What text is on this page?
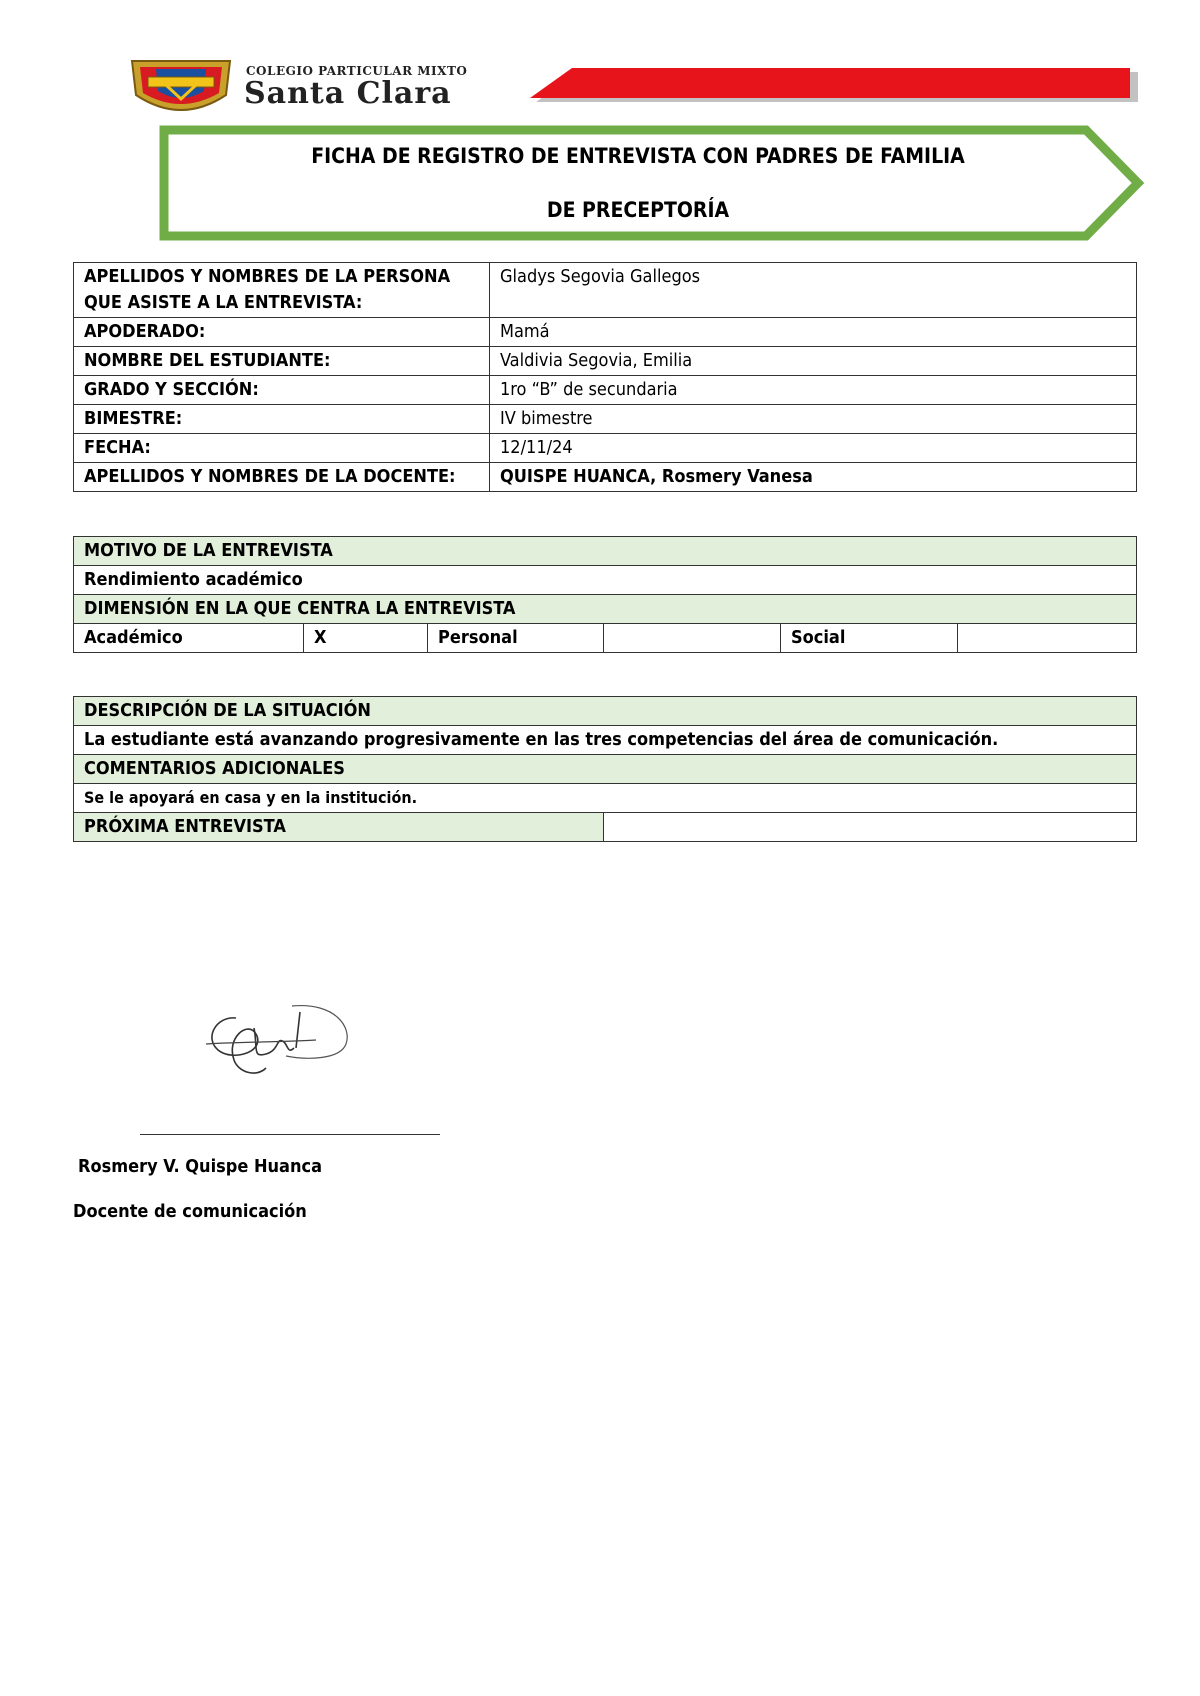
COLEGIO PARTICULAR MIXTO
Santa Clara
FICHA DE REGISTRO DE ENTREVISTA CON PADRES DE FAMILIA
DE PRECEPTORÍA
APELLIDOS Y NOMBRES DE LA PERSONA QUE ASISTE A LA ENTREVISTA:	Gladys Segovia Gallegos
APODERADO:	Mamá
NOMBRE DEL ESTUDIANTE:	Valdivia Segovia, Emilia
GRADO Y SECCIÓN:	1ro “B” de secundaria
BIMESTRE:	IV bimestre
FECHA:	12/11/24
APELLIDOS Y NOMBRES DE LA DOCENTE:	QUISPE HUANCA, Rosmery Vanesa
MOTIVO DE LA ENTREVISTA
Rendimiento académico
DIMENSIÓN EN LA QUE CENTRA LA ENTREVISTA
Académico	X	Personal		Social	
DESCRIPCIÓN DE LA SITUACIÓN
La estudiante está avanzando progresivamente en las tres competencias del área de comunicación.
COMENTARIOS ADICIONALES
Se le apoyará en casa y en la institución.
PRÓXIMA ENTREVISTA	
Rosmery V. Quispe Huanca
Docente de comunicación
